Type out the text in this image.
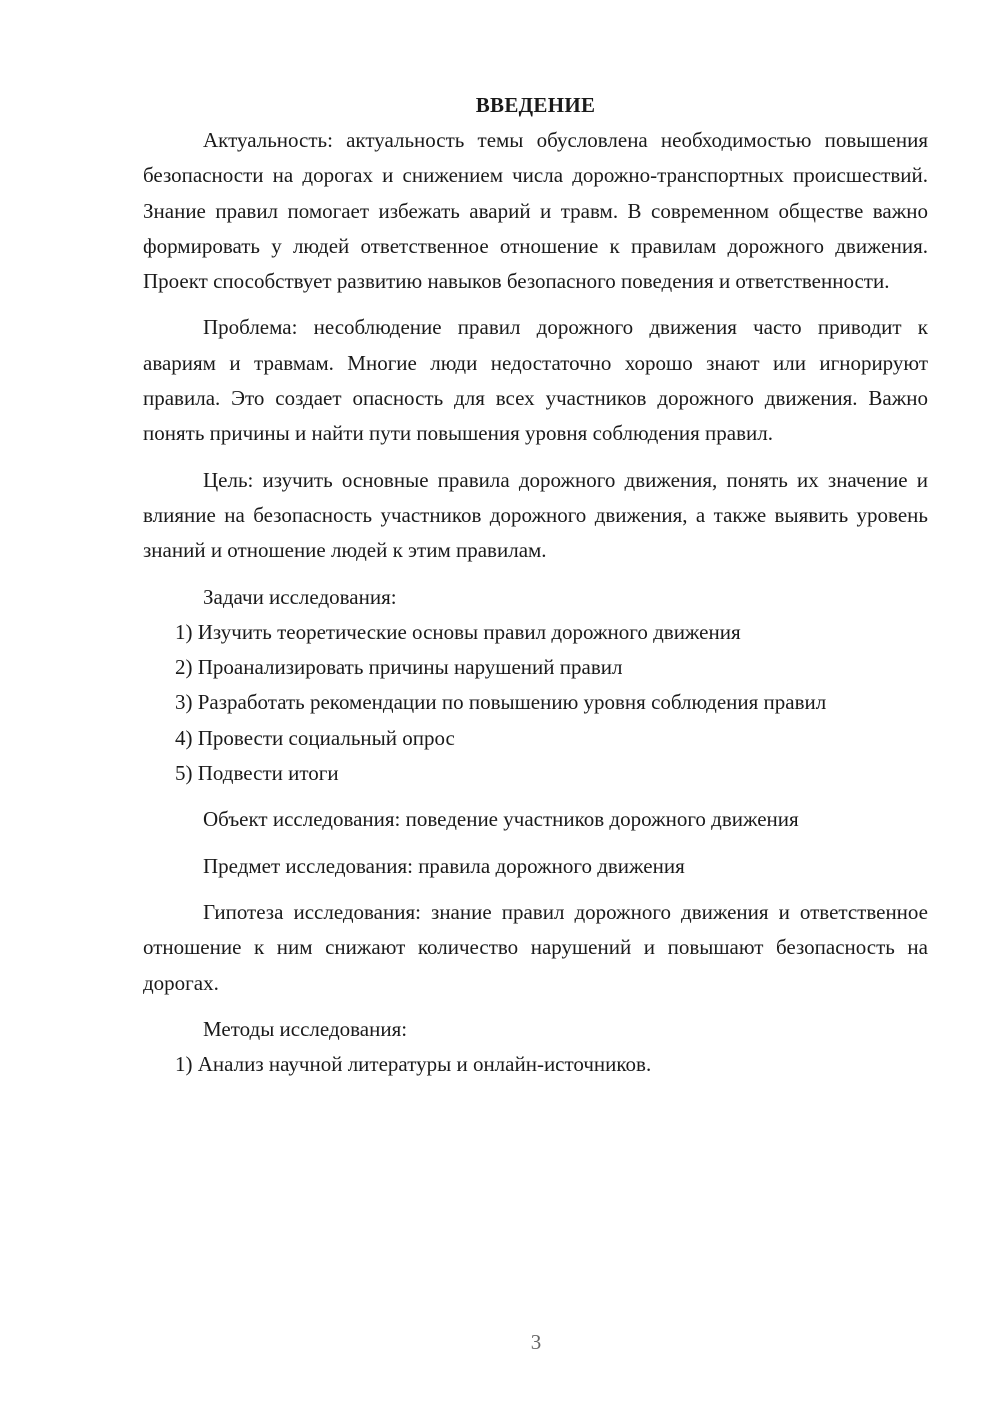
ВВЕДЕНИЕ

Актуальность: актуальность темы обусловлена необходимостью повышения безопасности на дорогах и снижением числа дорожно-транспортных происшествий. Знание правил помогает избежать аварий и травм. В современном обществе важно формировать у людей ответственное отношение к правилам дорожного движения. Проект способствует развитию навыков безопасного поведения и ответственности.

Проблема: несоблюдение правил дорожного движения часто приводит к авариям и травмам. Многие люди недостаточно хорошо знают или игнорируют правила. Это создает опасность для всех участников дорожного движения. Важно понять причины и найти пути повышения уровня соблюдения правил.

Цель: изучить основные правила дорожного движения, понять их значение и влияние на безопасность участников дорожного движения, а также выявить уровень знаний и отношение людей к этим правилам.

Задачи исследования:

1) Изучить теоретические основы правил дорожного движения

2) Проанализировать причины нарушений правил

3) Разработать рекомендации по повышению уровня соблюдения правил

4) Провести социальный опрос

5) Подвести итоги

Объект исследования: поведение участников дорожного движения

Предмет исследования: правила дорожного движения

Гипотеза исследования: знание правил дорожного движения и ответственное отношение к ним снижают количество нарушений и повышают безопасность на дорогах.

Методы исследования:

1) Анализ научной литературы и онлайн-источников.

3
